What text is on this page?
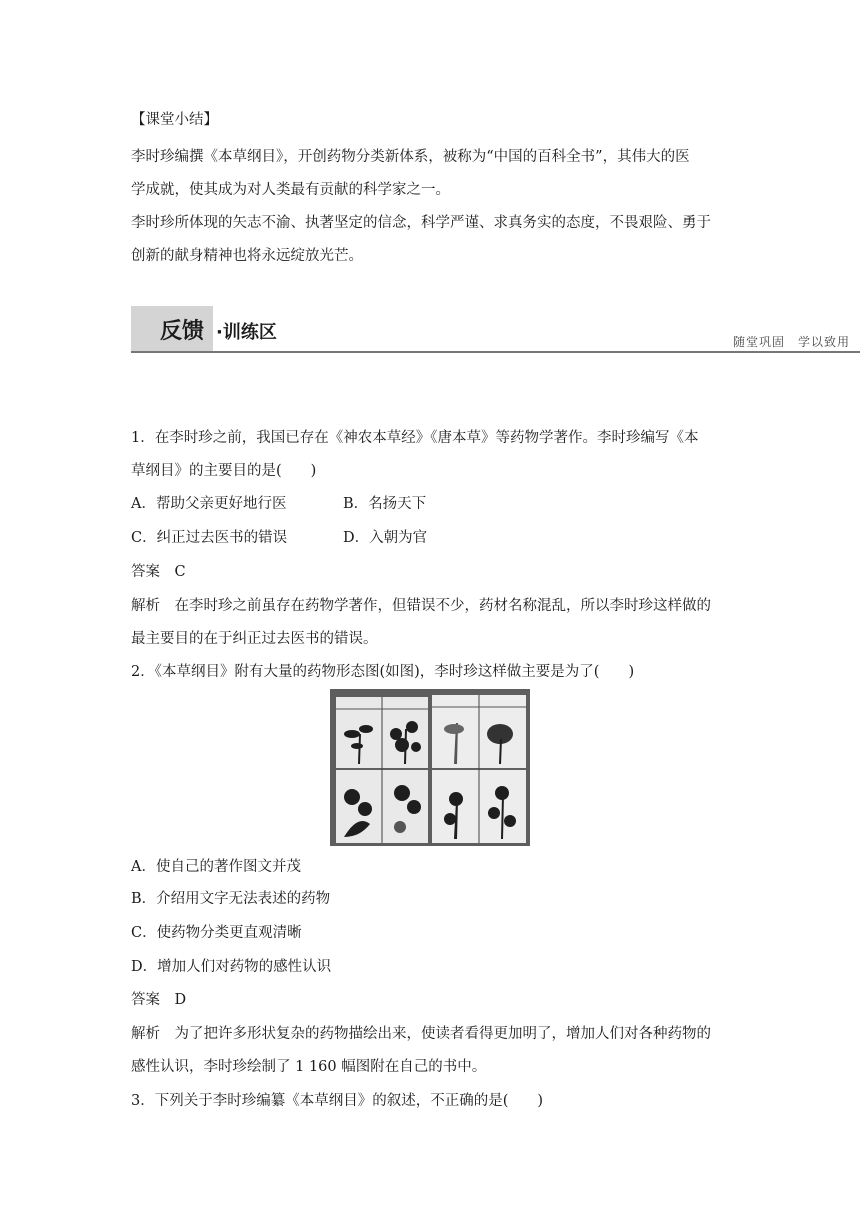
【课堂小结】
李时珍编撰《本草纲目》，开创药物分类新体系，被称为“中国的百科全书”，其伟大的医
学成就，使其成为对人类最有贡献的科学家之一。
李时珍所体现的矢志不渝、执著坚定的信念，科学严谨、求真务实的态度，不畏艰险、勇于
创新的献身精神也将永远绽放光芒。
反馈 ·训练区	随堂巩固　学以致用
1．在李时珍之前，我国已存在《神农本草经》《唐本草》等药物学著作。李时珍编写《本
草纲目》的主要目的是(　　)
A．帮助父亲更好地行医	B．名扬天下
C．纠正过去医书的错误	D．入朝为官
答案　C
解析　在李时珍之前虽存在药物学著作，但错误不少，药材名称混乱，所以李时珍这样做的
最主要目的在于纠正过去医书的错误。
2．《本草纲目》附有大量的药物形态图(如图)，李时珍这样做主要是为了(　　)
A．使自己的著作图文并茂
B．介绍用文字无法表述的药物
C．使药物分类更直观清晰
D．增加人们对药物的感性认识
答案　D
解析　为了把许多形状复杂的药物描绘出来，使读者看得更加明了，增加人们对各种药物的
感性认识，李时珍绘制了 1 160 幅图附在自己的书中。
3．下列关于李时珍编纂《本草纲目》的叙述，不正确的是(　　)
